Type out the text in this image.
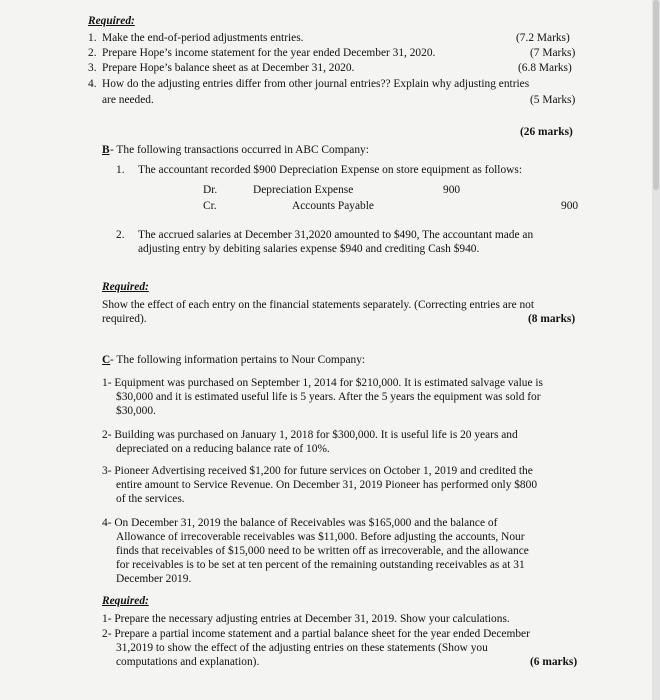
Required:
1. Make the end-of-period adjustments entries.	(7.2 Marks)
2. Prepare Hope’s income statement for the year ended December 31, 2020.	(7 Marks)
3. Prepare Hope’s balance sheet as at December 31, 2020.	(6.8 Marks)
4. How do the adjusting entries differ from other journal entries?? Explain why adjusting entries
are needed.	(5 Marks)
(26 marks)
B - The following transactions occurred in ABC Company:
1. The accountant recorded $900 Depreciation Expense on store equipment as follows:
Dr.	Depreciation Expense	900
Cr.	Accounts Payable	900
2. The accrued salaries at December 31,2020 amounted to $490, The accountant made an
adjusting entry by debiting salaries expense $940 and crediting Cash $940.
Required:
Show the effect of each entry on the financial statements separately. (Correcting entries are not
required).	(8 marks)
C - The following information pertains to Nour Company:
1- Equipment was purchased on September 1, 2014 for $210,000. It is estimated salvage value is
$30,000 and it is estimated useful life is 5 years. After the 5 years the equipment was sold for
$30,000.
2- Building was purchased on January 1, 2018 for $300,000. It is useful life is 20 years and
depreciated on a reducing balance rate of 10%.
3- Pioneer Advertising received $1,200 for future services on October 1, 2019 and credited the
entire amount to Service Revenue. On December 31, 2019 Pioneer has performed only $800
of the services.
4- On December 31, 2019 the balance of Receivables was $165,000 and the balance of
Allowance of irrecoverable receivables was $11,000. Before adjusting the accounts, Nour
finds that receivables of $15,000 need to be written off as irrecoverable, and the allowance
for receivables is to be set at ten percent of the remaining outstanding receivables as at 31
December 2019.
Required:
1- Prepare the necessary adjusting entries at December 31, 2019. Show your calculations.
2- Prepare a partial income statement and a partial balance sheet for the year ended December
31,2019 to show the effect of the adjusting entries on these statements (Show you
computations and explanation).	(6 marks)
